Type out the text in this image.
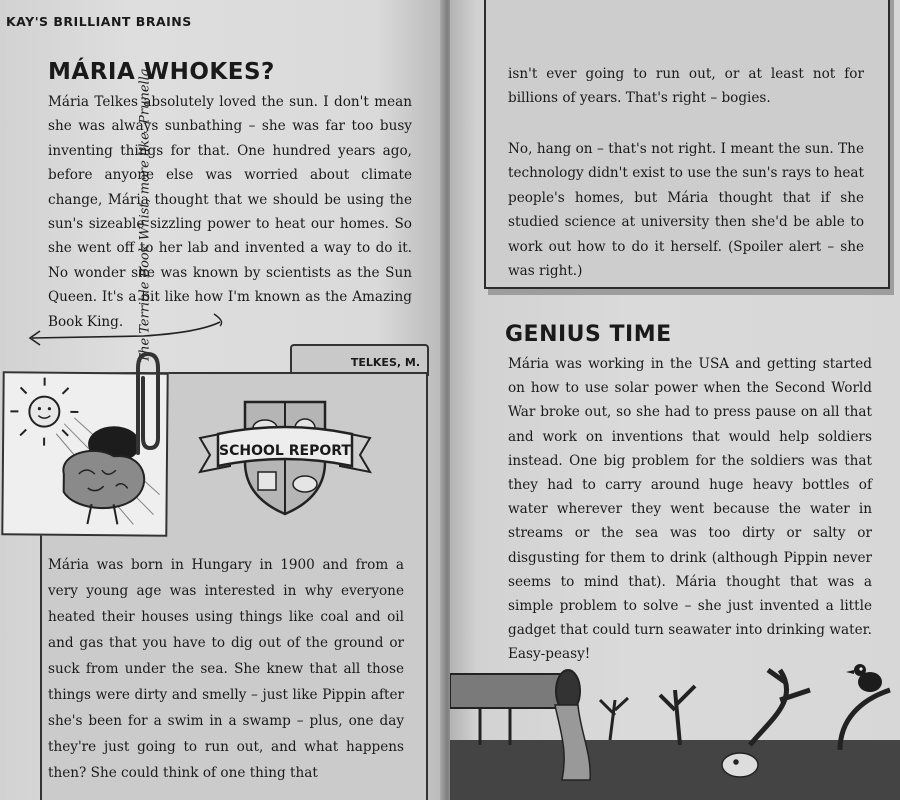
KAY'S BRILLIANT BRAINS
MÁRIA WHOKES?

Mária Telkes absolutely loved the sun. I don't mean she was always sunbathing – she was far too busy inventing things for that. One hundred years ago, before anyone else was worried about climate change, Mária thought that we should be using the sun's sizeable sizzling power to heat our homes. So she went off to her lab and invented a way to do it. No wonder she was known by scientists as the Sun Queen. It's a bit like how I'm known as the Amazing Book King.	The Terrible Book Whist, more like. Prunella	TELKES, M.
SCHOOL REPORT

Mária was born in Hungary in 1900 and from a very young age was interested in why everyone heated their houses using things like coal and oil and gas that you have to dig out of the ground or suck from under the sea. She knew that all those things were dirty and smelly – just like Pippin after she's been for a swim in a swamp – plus, one day they're just going to run out, and what happens then? She could think of one thing that

isn't ever going to run out, or at least not for billions of years. That's right – bogies.

No, hang on – that's not right. I meant the sun. The technology didn't exist to use the sun's rays to heat people's homes, but Mária thought that if she studied science at university then she'd be able to work out how to do it herself. (Spoiler alert – she was right.)

GENIUS TIME

Mária was working in the USA and getting started on how to use solar power when the Second World War broke out, so she had to press pause on all that and work on inventions that would help soldiers instead. One big problem for the soldiers was that they had to carry around huge heavy bottles of water wherever they went because the water in streams or the sea was too dirty or salty or disgusting for them to drink (although Pippin never seems to mind that). Mária thought that was a simple problem to solve – she just invented a little gadget that could turn seawater into drinking water. Easy-peasy!
